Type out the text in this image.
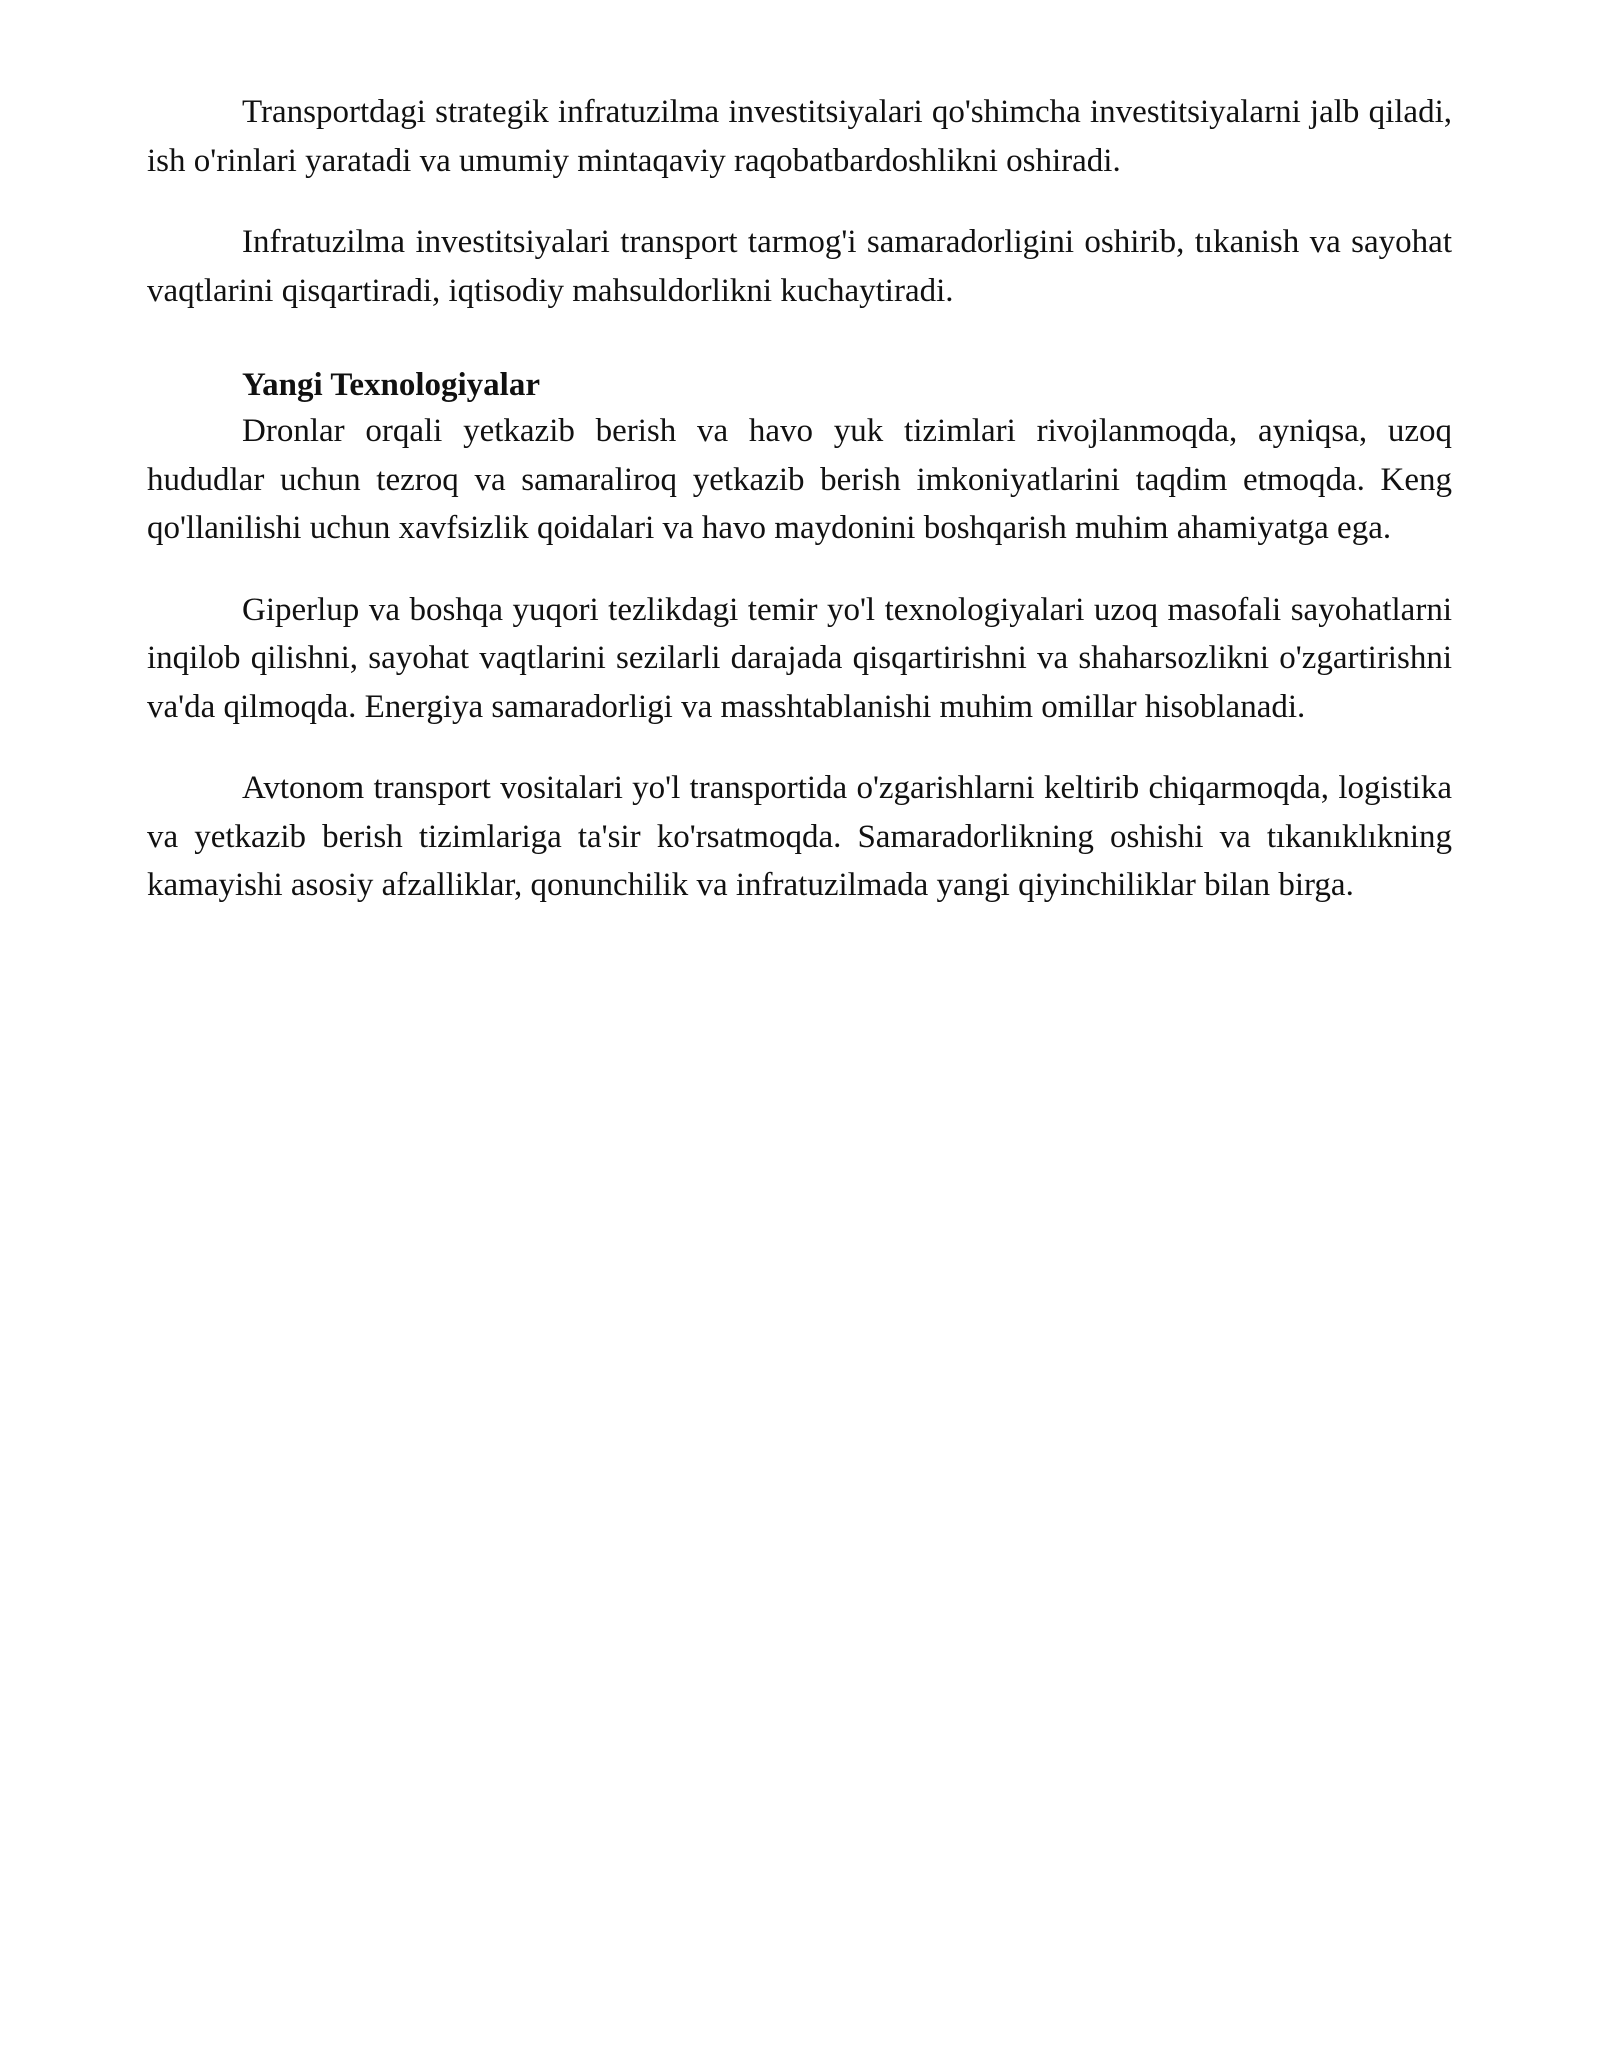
Transportdagi strategik infratuzilma investitsiyalari qo'shimcha investitsiyalarni jalb qiladi, ish o'rinlari yaratadi va umumiy mintaqaviy raqobatbardoshlikni oshiradi.

Infratuzilma investitsiyalari transport tarmog'i samaradorligini oshirib, tıkanish va sayohat vaqtlarini qisqartiradi, iqtisodiy mahsuldorlikni kuchaytiradi.

Yangi Texnologiyalar

Dronlar orqali yetkazib berish va havo yuk tizimlari rivojlanmoqda, ayniqsa, uzoq hududlar uchun tezroq va samaraliroq yetkazib berish imkoniyatlarini taqdim etmoqda. Keng qo'llanilishi uchun xavfsizlik qoidalari va havo maydonini boshqarish muhim ahamiyatga ega.

Giperlup va boshqa yuqori tezlikdagi temir yo'l texnologiyalari uzoq masofali sayohatlarni inqilob qilishni, sayohat vaqtlarini sezilarli darajada qisqartirishni va shaharsozlikni o'zgartirishni va'da qilmoqda. Energiya samaradorligi va masshtablanishi muhim omillar hisoblanadi.

Avtonom transport vositalari yo'l transportida o'zgarishlarni keltirib chiqarmoqda, logistika va yetkazib berish tizimlariga ta'sir ko'rsatmoqda. Samaradorlikning oshishi va tıkanıklıkning kamayishi asosiy afzalliklar, qonunchilik va infratuzilmada yangi qiyinchiliklar bilan birga.
